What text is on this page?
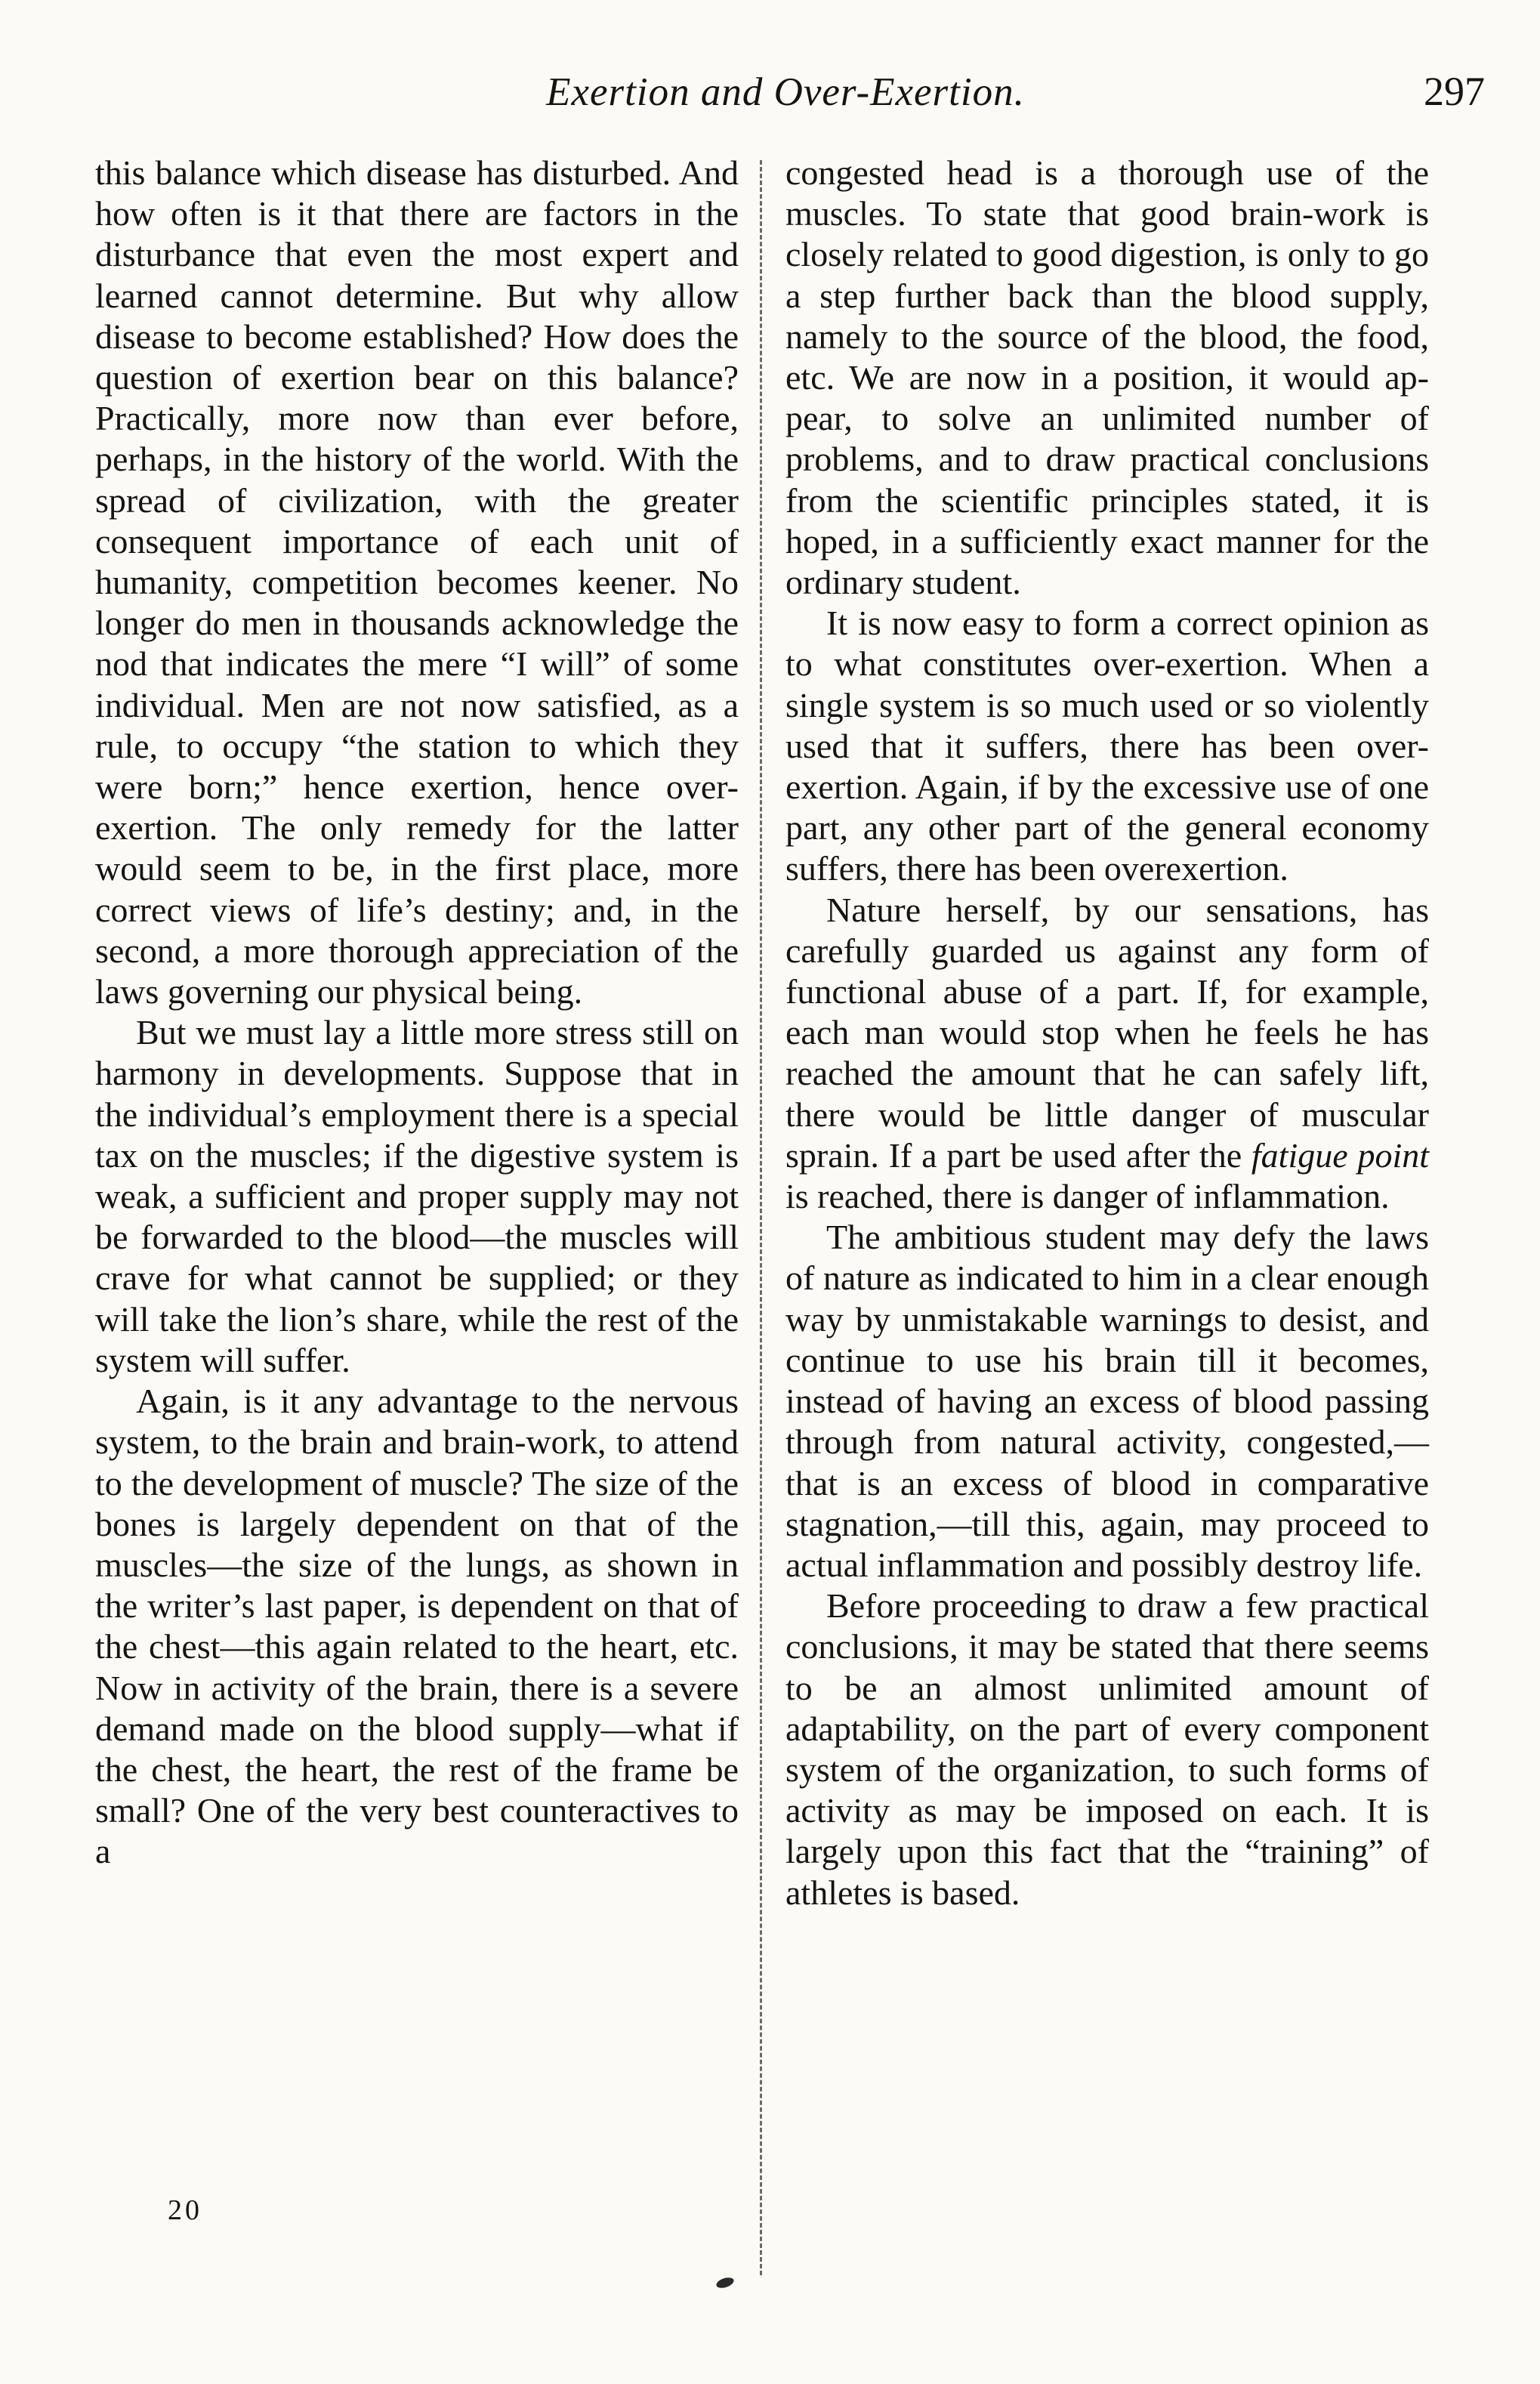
Exertion and Over-Exertion.	297

this balance which disease has disturbed. And how often is it that there are factors in the disturbance that even the most expert and learned cannot determine. But why allow disease to become established? How does the question of exertion bear on this balance? Practically, more now than ever before, perhaps, in the history of the world. With the spread of civilization, with the greater consequent importance of each unit of humanity, competition becomes keener. No longer do men in thousands acknowledge the nod that indicates the mere “I will” of some individual. Men are not now satisfied, as a rule, to occupy “the station to which they were born;” hence exertion, hence over-exertion. The only remedy for the latter would seem to be, in the first place, more correct views of life’s destiny; and, in the second, a more thorough appreciation of the laws governing our physical being.

But we must lay a little more stress still on harmony in developments. Suppose that in the individual’s employment there is a special tax on the muscles; if the digestive system is weak, a sufficient and proper supply may not be forwarded to the blood—the muscles will crave for what cannot be supplied; or they will take the lion’s share, while the rest of the system will suffer.

Again, is it any advantage to the nervous system, to the brain and brain-work, to attend to the development of muscle? The size of the bones is largely dependent on that of the muscles—the size of the lungs, as shown in the writer’s last paper, is dependent on that of the chest—this again related to the heart, etc. Now in activity of the brain, there is a severe demand made on the blood supply—what if the chest, the heart, the rest of the frame be small? One of the very best counteractives to a

congested head is a thorough use of the muscles. To state that good brain-work is closely related to good digestion, is only to go a step further back than the blood supply, namely to the source of the blood, the food, etc. We are now in a position, it would appear, to solve an unlimited number of problems, and to draw practical conclusions from the scientific principles stated, it is hoped, in a sufficiently exact manner for the ordinary student.

It is now easy to form a correct opinion as to what constitutes over-exertion. When a single system is so much used or so violently used that it suffers, there has been over-exertion. Again, if by the excessive use of one part, any other part of the general economy suffers, there has been overexertion.

Nature herself, by our sensations, has carefully guarded us against any form of functional abuse of a part. If, for example, each man would stop when he feels he has reached the amount that he can safely lift, there would be little danger of muscular sprain. If a part be used after the fatigue point is reached, there is danger of inflammation.

The ambitious student may defy the laws of nature as indicated to him in a clear enough way by unmistakable warnings to desist, and continue to use his brain till it becomes, instead of having an excess of blood passing through from natural activity, congested,—that is an excess of blood in comparative stagnation,—till this, again, may proceed to actual inflammation and possibly destroy life.

Before proceeding to draw a few practical conclusions, it may be stated that there seems to be an almost unlimited amount of adaptability, on the part of every component system of the organization, to such forms of activity as may be imposed on each. It is largely upon this fact that the “training” of athletes is based.

20
